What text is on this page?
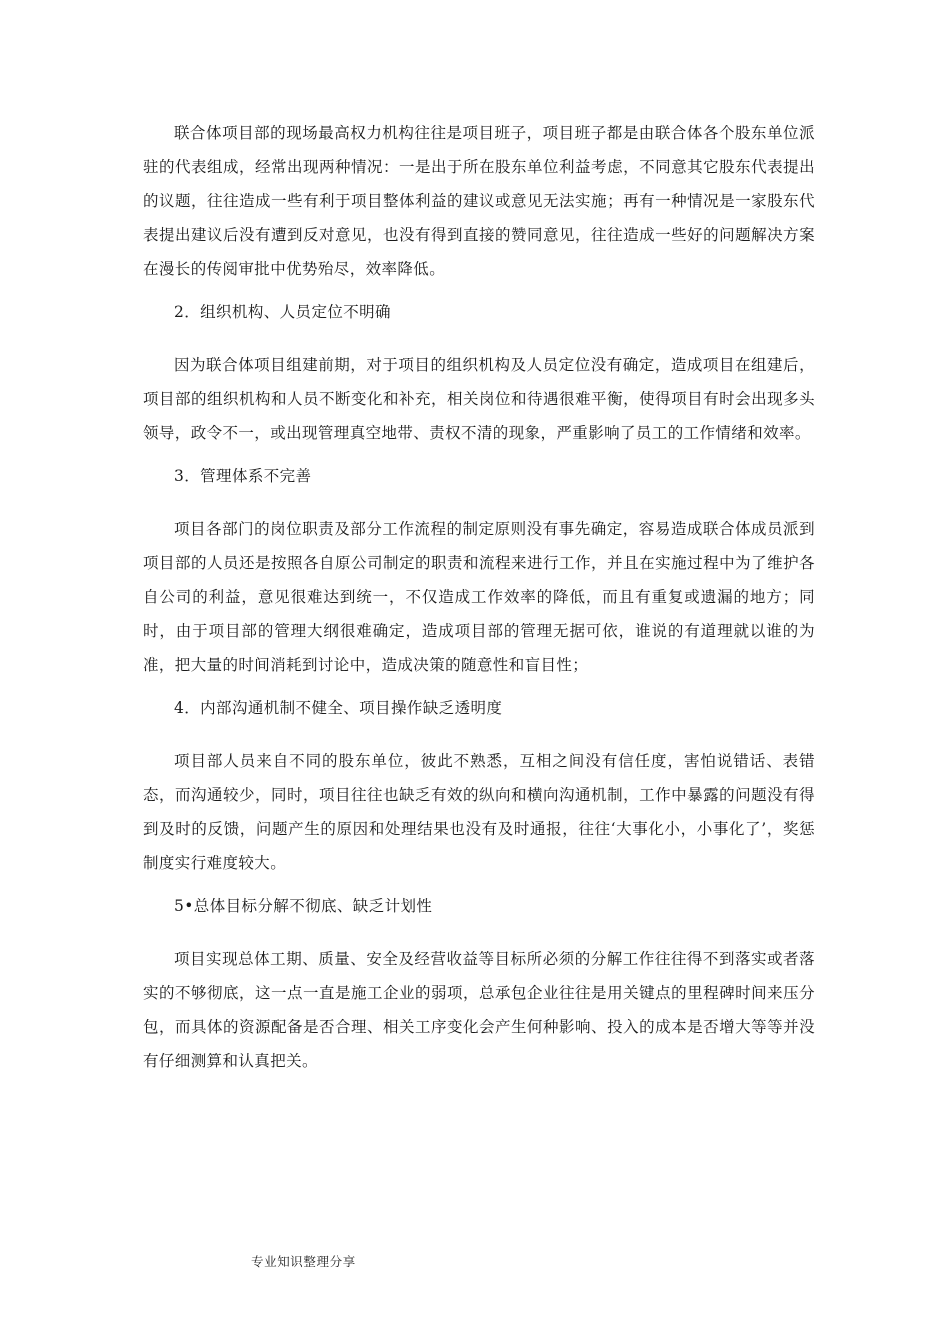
联合体项目部的现场最高权力机构往往是项目班子，项目班子都是由联合体各个股东单位派驻的代表组成，经常出现两种情况：一是出于所在股东单位利益考虑，不同意其它股东代表提出的议题，往往造成一些有利于项目整体利益的建议或意见无法实施；再有一种情况是一家股东代表提出建议后没有遭到反对意见，也没有得到直接的赞同意见，往往造成一些好的问题解决方案在漫长的传阅审批中优势殆尽，效率降低。

2．组织机构、人员定位不明确

因为联合体项目组建前期，对于项目的组织机构及人员定位没有确定，造成项目在组建后，项目部的组织机构和人员不断变化和补充，相关岗位和待遇很难平衡，使得项目有时会出现多头领导，政令不一，或出现管理真空地带、责权不清的现象，严重影响了员工的工作情绪和效率。

3．管理体系不完善

项目各部门的岗位职责及部分工作流程的制定原则没有事先确定，容易造成联合体成员派到项目部的人员还是按照各自原公司制定的职责和流程来进行工作，并且在实施过程中为了维护各自公司的利益，意见很难达到统一，不仅造成工作效率的降低，而且有重复或遗漏的地方；同时，由于项目部的管理大纲很难确定，造成项目部的管理无据可依，谁说的有道理就以谁的为准，把大量的时间消耗到讨论中，造成决策的随意性和盲目性；

4．内部沟通机制不健全、项目操作缺乏透明度

项目部人员来自不同的股东单位，彼此不熟悉，互相之间没有信任度，害怕说错话、表错态，而沟通较少，同时，项目往往也缺乏有效的纵向和横向沟通机制，工作中暴露的问题没有得到及时的反馈，问题产生的原因和处理结果也没有及时通报，往往‘大事化小，小事化了’，奖惩制度实行难度较大。

5•总体目标分解不彻底、缺乏计划性

项目实现总体工期、质量、安全及经营收益等目标所必须的分解工作往往得不到落实或者落实的不够彻底，这一点一直是施工企业的弱项，总承包企业往往是用关键点的里程碑时间来压分包，而具体的资源配备是否合理、相关工序变化会产生何种影响、投入的成本是否增大等等并没有仔细测算和认真把关。

专业知识整理分享
